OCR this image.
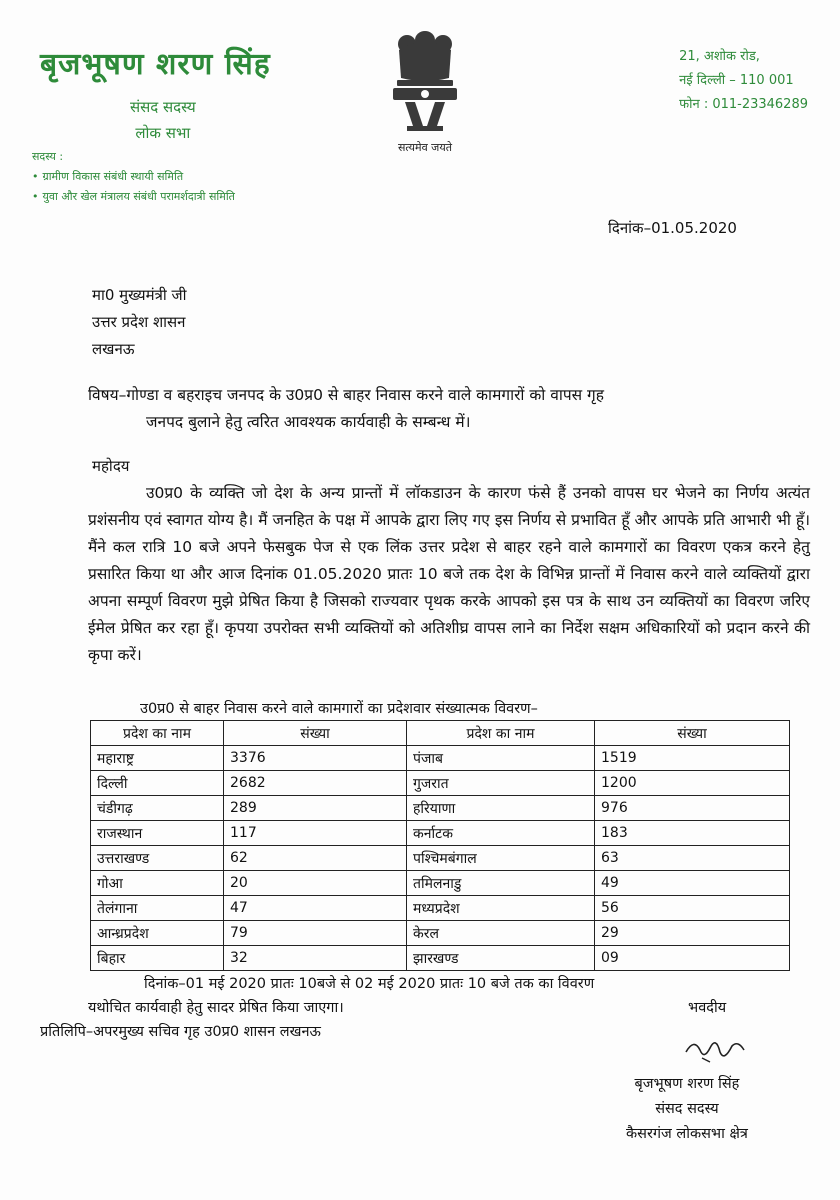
बृजभूषण शरण सिंह
संसद सदस्य
लोक सभा
सदस्य :
• ग्रामीण विकास संबंधी स्थायी समिति
• युवा और खेल मंत्रालय संबंधी परामर्शदात्री समिति
सत्यमेव जयते
21, अशोक रोड,
नई दिल्ली – 110 001
फोन : 011-23346289
दिनांक–01.05.2020
मा0 मुख्यमंत्री जी
उत्तर प्रदेश शासन
लखनऊ
विषय–गोण्डा व बहराइच जनपद के उ0प्र0 से बाहर निवास करने वाले कामगारों को वापस गृह
जनपद बुलाने हेतु त्वरित आवश्यक कार्यवाही के सम्बन्ध में।
महोदय
उ0प्र0 के व्यक्ति जो देश के अन्य प्रान्तों में लॉकडाउन के कारण फंसे हैं उनको वापस घर भेजने का निर्णय अत्यंत प्रशंसनीय एवं स्वागत योग्य है। मैं जनहित के पक्ष में आपके द्वारा लिए गए इस निर्णय से प्रभावित हूँ और आपके प्रति आभारी भी हूँ। मैंने कल रात्रि 10 बजे अपने फेसबुक पेज से एक लिंक उत्तर प्रदेश से बाहर रहने वाले कामगारों का विवरण एकत्र करने हेतु प्रसारित किया था और आज दिनांक 01.05.2020 प्रातः 10 बजे तक देश के विभिन्न प्रान्तों में निवास करने वाले व्यक्तियों द्वारा अपना सम्पूर्ण विवरण मुझे प्रेषित किया है जिसको राज्यवार पृथक करके आपको इस पत्र के साथ उन व्यक्तियों का विवरण जरिए ईमेल प्रेषित कर रहा हूँ। कृपया उपरोक्त सभी व्यक्तियों को अतिशीघ्र वापस लाने का निर्देश सक्षम अधिकारियों को प्रदान करने की कृपा करें।
उ0प्र0 से बाहर निवास करने वाले कामगारों का प्रदेशवार संख्यात्मक विवरण–
प्रदेश का नाम	संख्या	प्रदेश का नाम	संख्या
महाराष्ट्र	3376	पंजाब	1519
दिल्ली	2682	गुजरात	1200
चंडीगढ़	289	हरियाणा	976
राजस्थान	117	कर्नाटक	183
उत्तराखण्ड	62	पश्चिमबंगाल	63
गोआ	20	तमिलनाडु	49
तेलंगाना	47	मध्यप्रदेश	56
आन्ध्रप्रदेश	79	केरल	29
बिहार	32	झारखण्ड	09
दिनांक–01 मई 2020 प्रातः 10बजे से 02 मई 2020 प्रातः 10 बजे तक का विवरण
यथोचित कार्यवाही हेतु सादर प्रेषित किया जाएगा।	भवदीय
प्रतिलिपि–अपरमुख्य सचिव गृह उ0प्र0 शासन लखनऊ
बृजभूषण शरण सिंह
संसद सदस्य
कैसरगंज लोकसभा क्षेत्र
